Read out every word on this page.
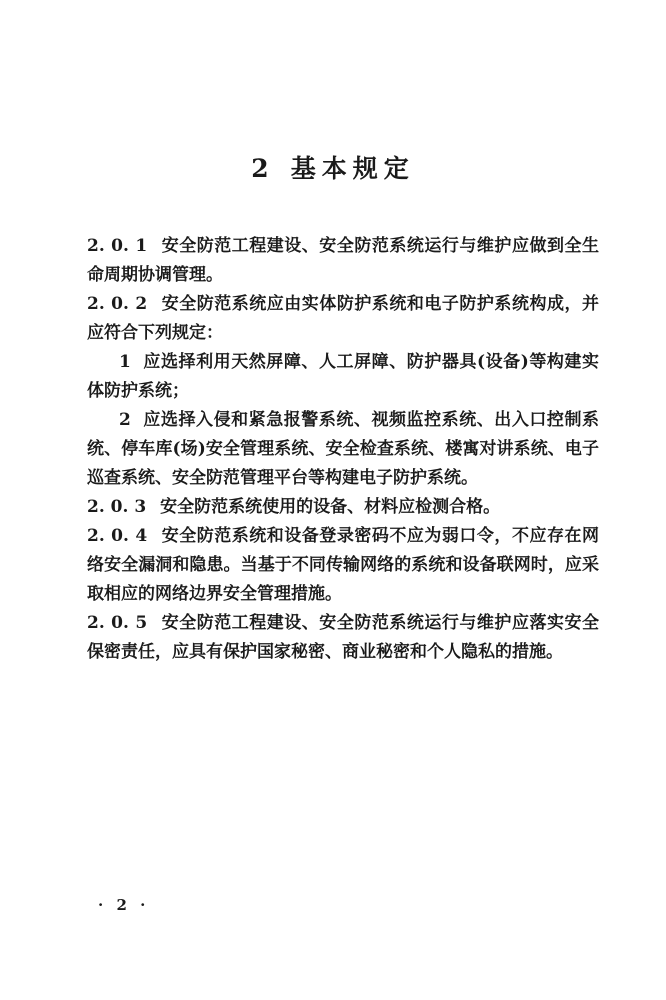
2 基本规定

2. 0. 1 安全防范工程建设、安全防范系统运行与维护应做到全生命周期协调管理。

2. 0. 2 安全防范系统应由实体防护系统和电子防护系统构成，并应符合下列规定：

1 应选择利用天然屏障、人工屏障、防护器具(设备)等构建实体防护系统；

2 应选择入侵和紧急报警系统、视频监控系统、出入口控制系统、停车库(场)安全管理系统、安全检查系统、楼寓对讲系统、电子巡查系统、安全防范管理平台等构建电子防护系统。

2. 0. 3 安全防范系统使用的设备、材料应检测合格。

2. 0. 4 安全防范系统和设备登录密码不应为弱口令，不应存在网络安全漏洞和隐患。当基于不同传输网络的系统和设备联网时，应采取相应的网络边界安全管理措施。

2. 0. 5 安全防范工程建设、安全防范系统运行与维护应落实安全保密责任，应具有保护国家秘密、商业秘密和个人隐私的措施。

· 2 ·
